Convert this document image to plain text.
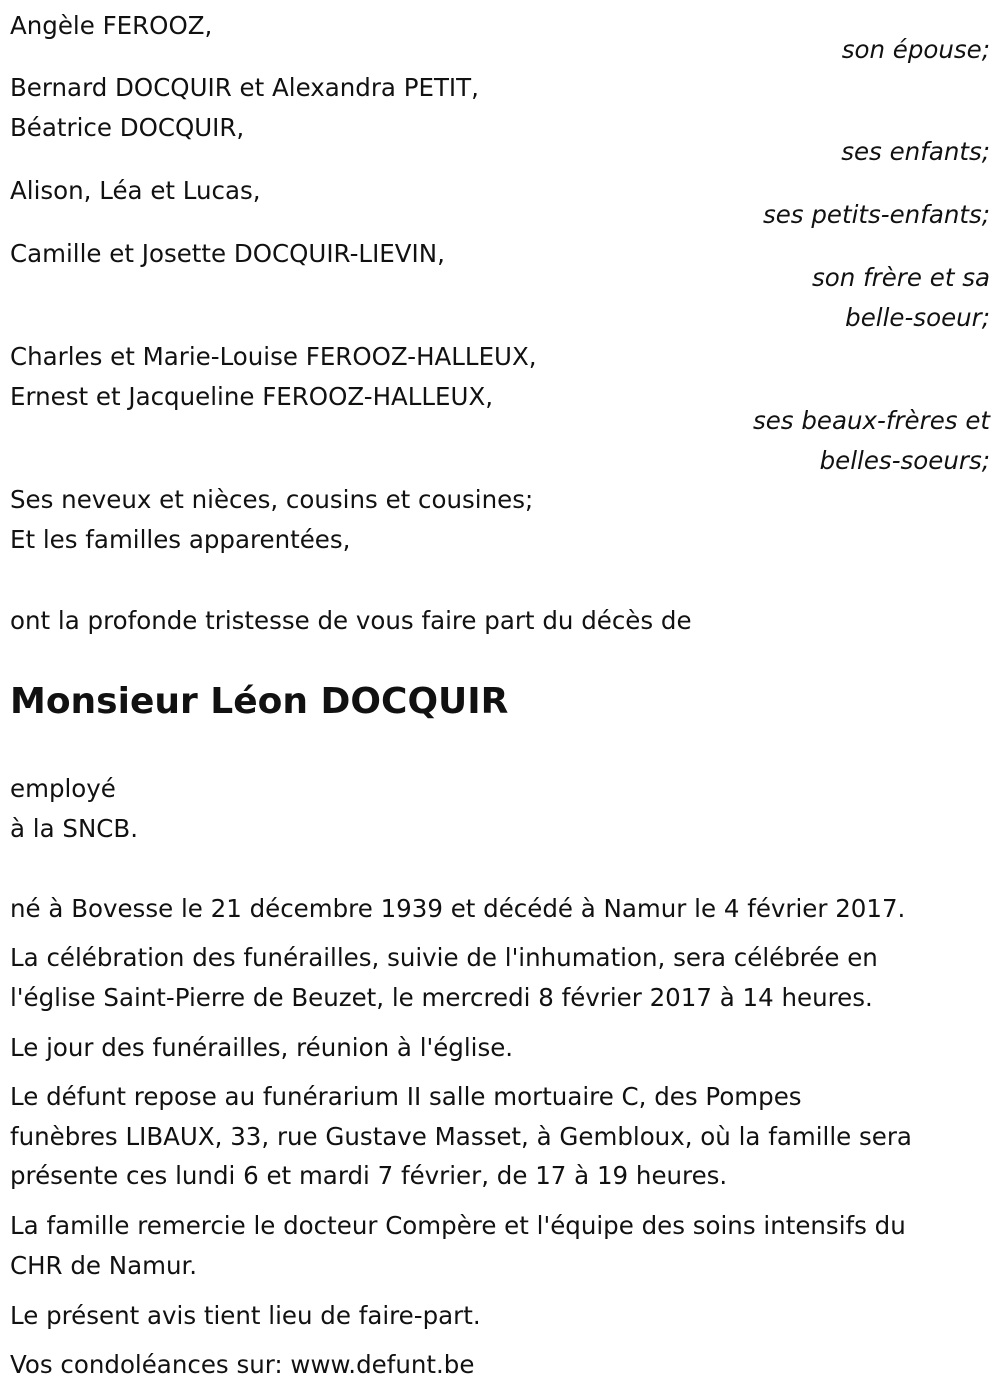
Angèle FEROOZ,
son épouse;
Bernard DOCQUIR et Alexandra PETIT,
Béatrice DOCQUIR,
ses enfants;
Alison, Léa et Lucas,
ses petits-enfants;
Camille et Josette DOCQUIR-LIEVIN,
son frère et sa
belle-soeur;
Charles et Marie-Louise FEROOZ-HALLEUX,
Ernest et Jacqueline FEROOZ-HALLEUX,
ses beaux-frères et
belles-soeurs;
Ses neveux et nièces, cousins et cousines;
Et les familles apparentées,
ont la profonde tristesse de vous faire part du décès de
Monsieur Léon DOCQUIR
employé
à la SNCB.
né à Bovesse le 21 décembre 1939 et décédé à Namur le 4 février 2017.
La célébration des funérailles, suivie de l'inhumation, sera célébrée en
l'église Saint-Pierre de Beuzet, le mercredi 8 février 2017 à 14 heures.
Le jour des funérailles, réunion à l'église.
Le défunt repose au funérarium II salle mortuaire C, des Pompes
funèbres LIBAUX, 33, rue Gustave Masset, à Gembloux, où la famille sera
présente ces lundi 6 et mardi 7 février, de 17 à 19 heures.
La famille remercie le docteur Compère et l'équipe des soins intensifs du
CHR de Namur.
Le présent avis tient lieu de faire-part.
Vos condoléances sur: www.defunt.be
